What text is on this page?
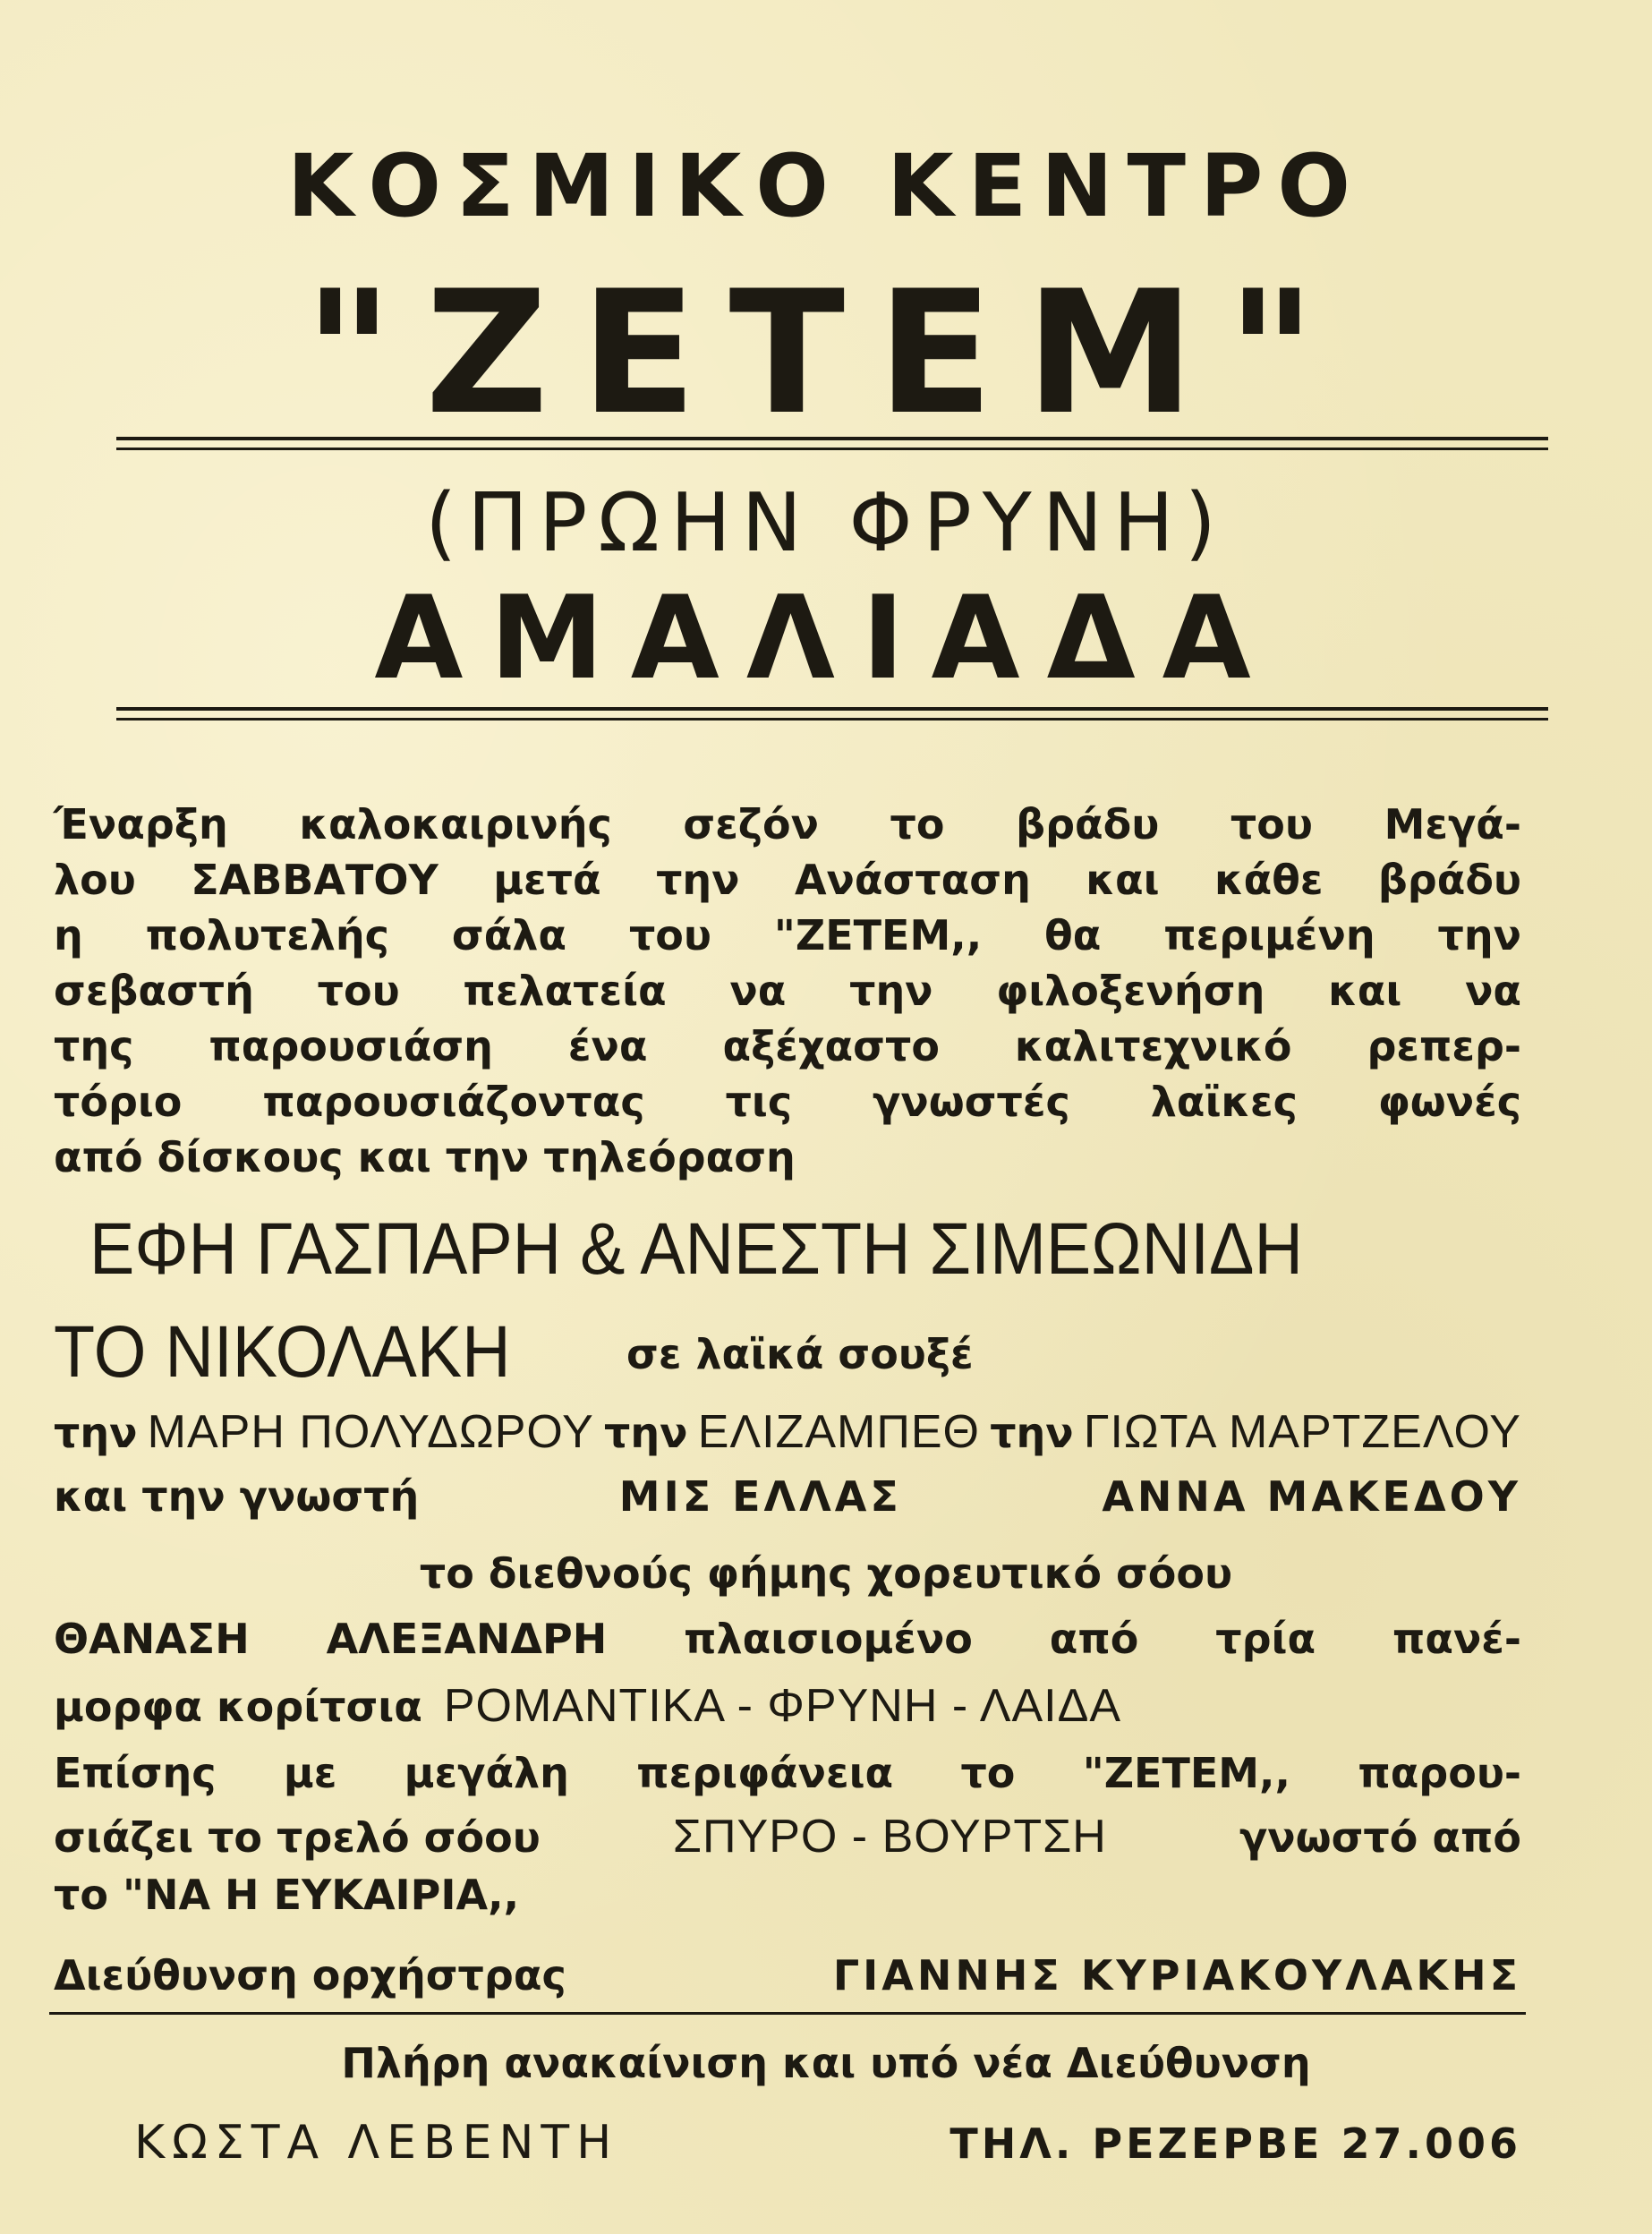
ΚΟΣΜΙΚΟ ΚΕΝΤΡΟ
"ΖΕΤΕΜ"
(ΠΡΩΗΝ ΦΡΥΝΗ)
ΑΜΑΛΙΑΔΑ
Έναρξη καλοκαιρινής σεζόν το βράδυ του Μεγά-
λου ΣΑΒΒΑΤΟΥ μετά την Ανάσταση και κάθε βράδυ
η πολυτελής σάλα του "ΖΕΤΕΜ,, θα περιμένη την
σεβαστή του πελατεία να την φιλοξενήση και να
της παρουσιάση ένα αξέχαστο καλιτεχνικό ρεπερ-
τόριο παρουσιάζοντας τις γνωστές λαϊκες φωνές
από δίσκους και την τηλεόραση
ΕΦΗ ΓΑΣΠΑΡΗ & ΑΝΕΣΤΗ ΣΙΜΕΩΝΙΔΗ
ΤΟ ΝΙΚΟΛΑΚΗ	σε λαϊκά σουξέ
την ΜΑΡΗ ΠΟΛΥΔΩΡΟΥ την ΕΛΙΖΑΜΠΕΘ την ΓΙΩΤΑ ΜΑΡΤΖΕΛΟΥ
και την γνωστή	ΜΙΣ ΕΛΛΑΣ	ΑΝΝΑ ΜΑΚΕΔΟΥ
το διεθνούς φήμης χορευτικό σόου
ΘΑΝΑΣΗ ΑΛΕΞΑΝΔΡΗ πλαισιομένο από τρία πανέ-
μορφα κορίτσια ΡΟΜΑΝΤΙΚΑ - ΦΡΥΝΗ - ΛΑΙΔΑ
Επίσης με μεγάλη περιφάνεια το "ΖΕΤΕΜ,, παρου-
σιάζει το τρελό σόου	ΣΠΥΡΟ - ΒΟΥΡΤΣΗ	γνωστό από
το "ΝΑ Η ΕΥΚΑΙΡΙΑ,,
Διεύθυνση ορχήστρας	ΓΙΑΝΝΗΣ ΚΥΡΙΑΚΟΥΛΑΚΗΣ
Πλήρη ανακαίνιση και υπό νέα Διεύθυνση
ΚΩΣΤΑ ΛΕΒΕΝΤΗ	ΤΗΛ. ΡΕΖΕΡΒΕ 27.006
